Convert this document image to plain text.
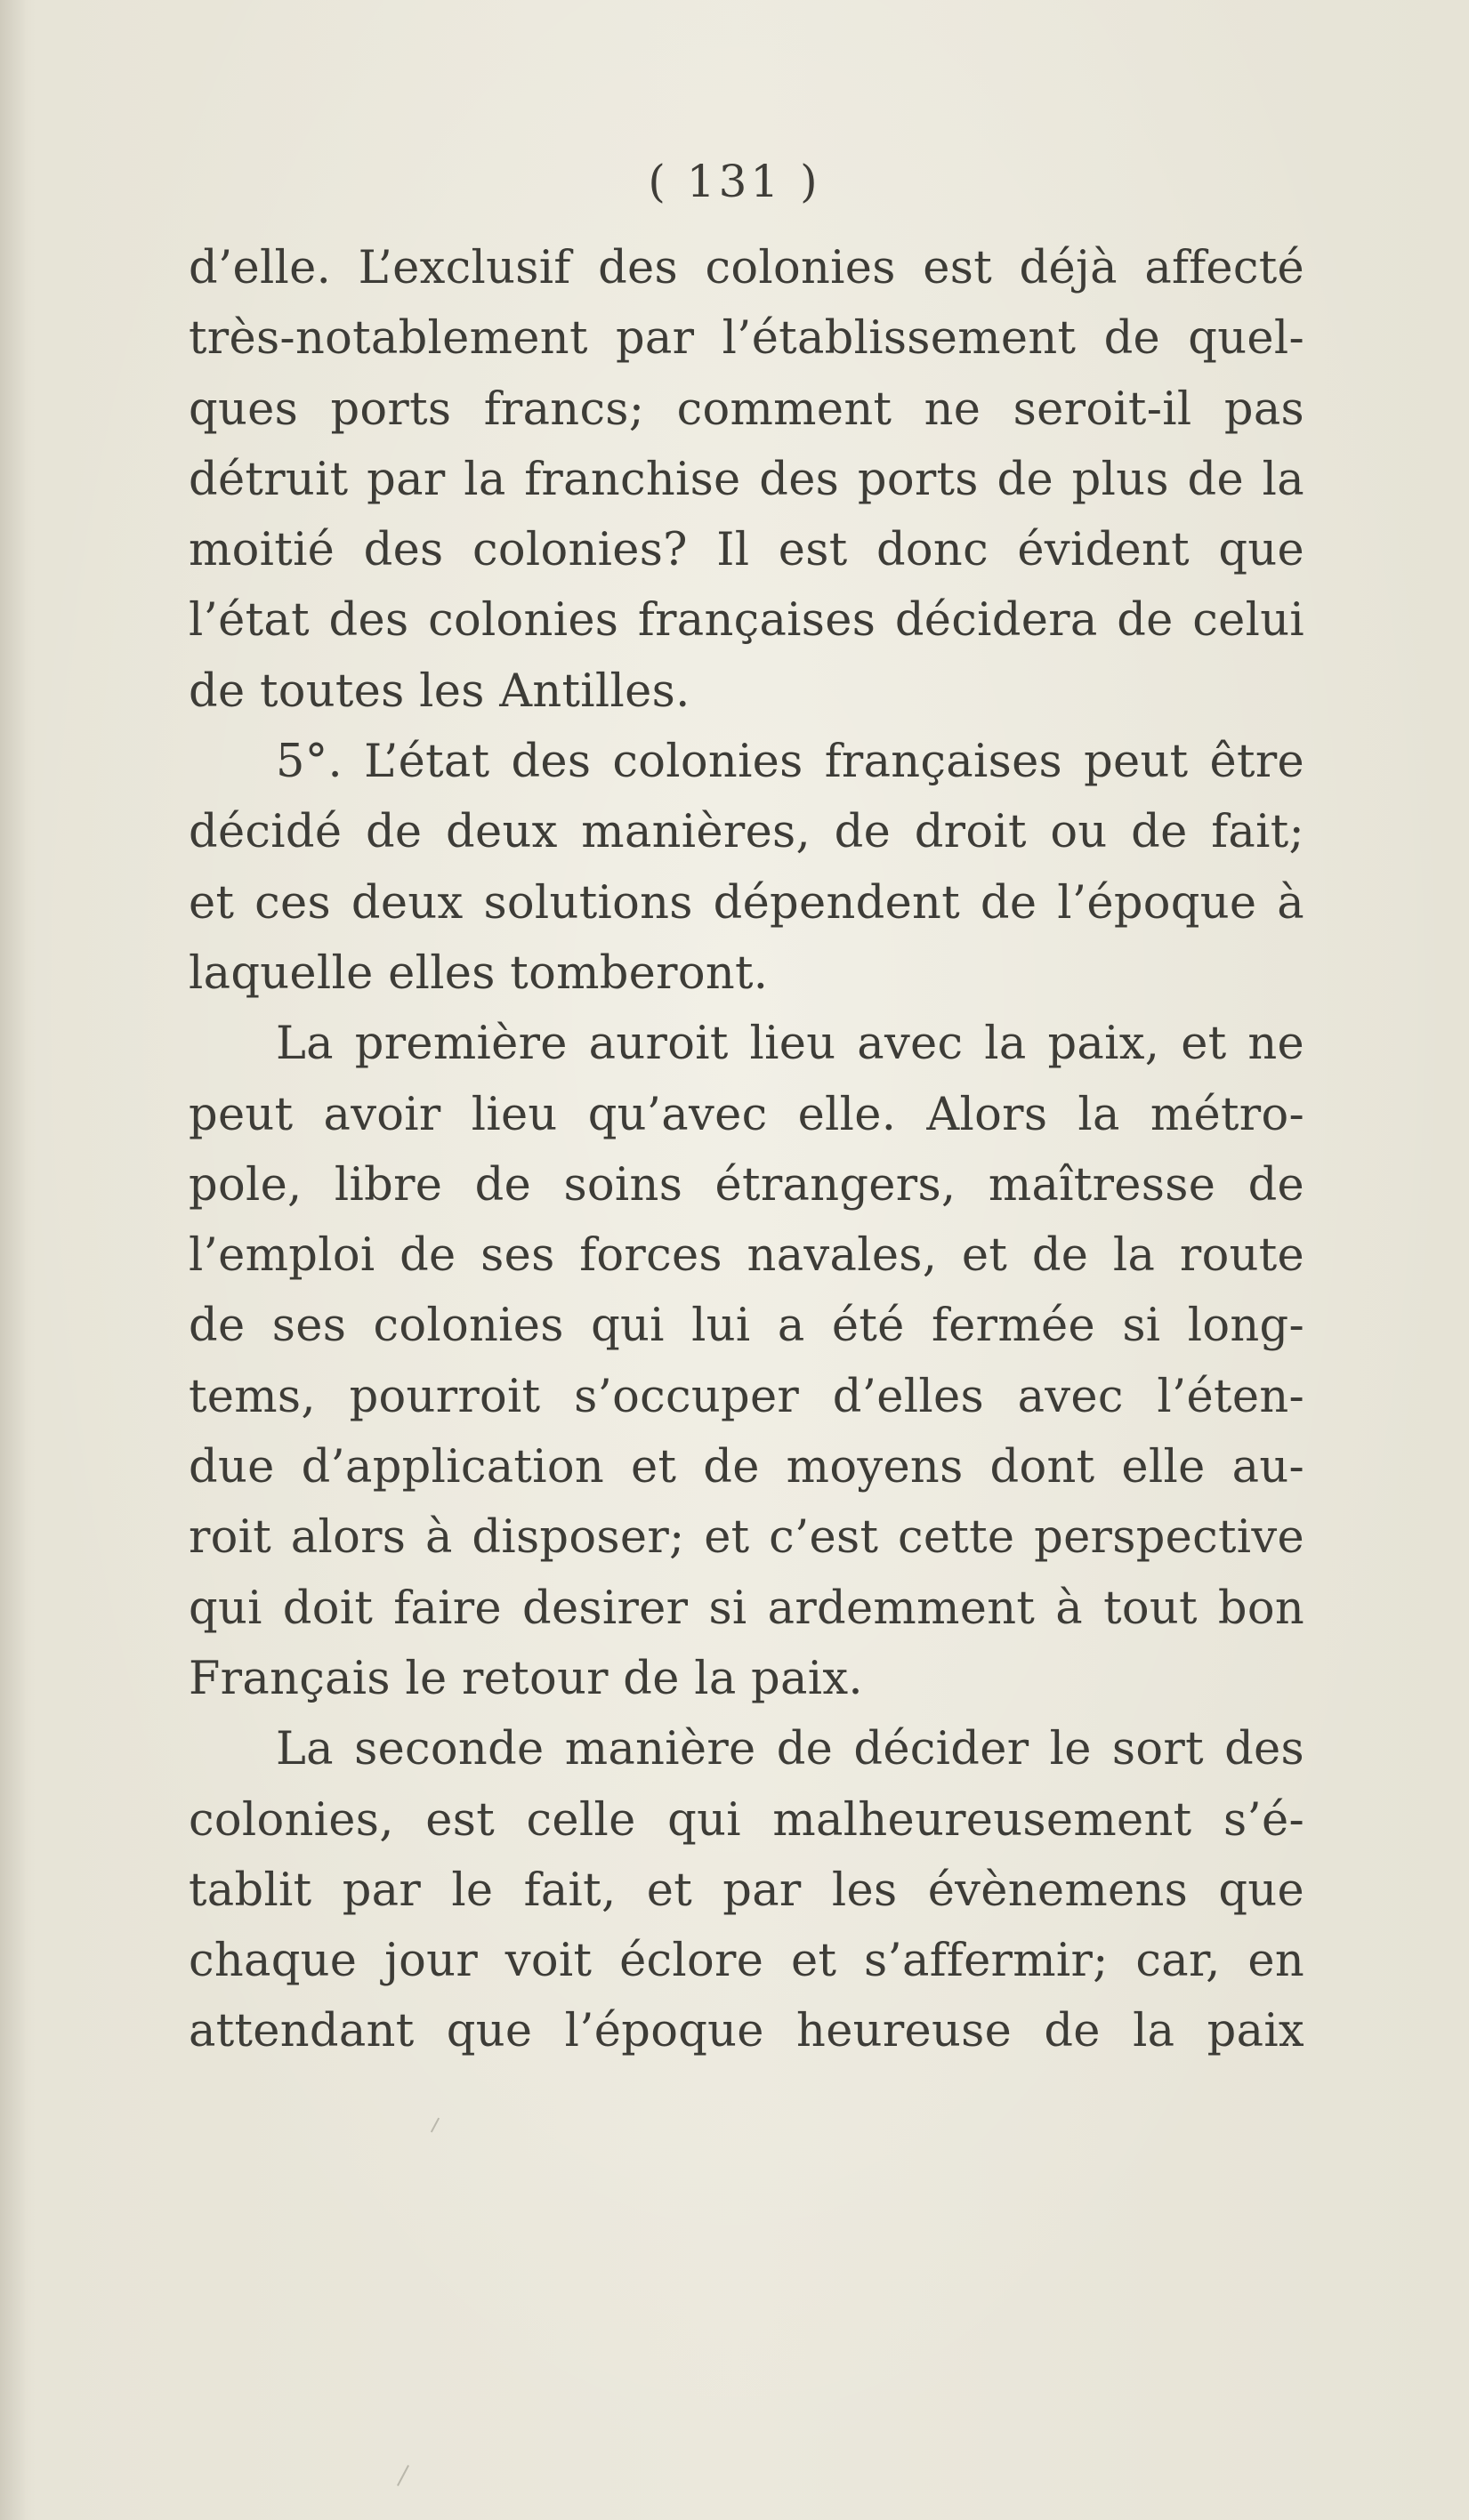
( 131 )
d’elle. L’exclusif des colonies est déjà affecté
très-notablement par l’établissement de quel-
ques ports francs; comment ne seroit-il pas
détruit par la franchise des ports de plus de la
moitié des colonies? Il est donc évident que
l’état des colonies françaises décidera de celui
de toutes les Antilles.
5°. L’état des colonies françaises peut être
décidé de deux manières, de droit ou de fait;
et ces deux solutions dépendent de l’époque à
laquelle elles tomberont.
La première auroit lieu avec la paix, et ne
peut avoir lieu qu’avec elle. Alors la métro-
pole, libre de soins étrangers, maîtresse de
l’emploi de ses forces navales, et de la route
de ses colonies qui lui a été fermée si long-
tems, pourroit s’occuper d’elles avec l’éten-
due d’application et de moyens dont elle au-
roit alors à disposer; et c’est cette perspective
qui doit faire desirer si ardemment à tout bon
Français le retour de la paix.
La seconde manière de décider le sort des
colonies, est celle qui malheureusement s’é-
tablit par le fait, et par les évènemens que
chaque jour voit éclore et s’affermir; car, en
attendant que l’époque heureuse de la paix
